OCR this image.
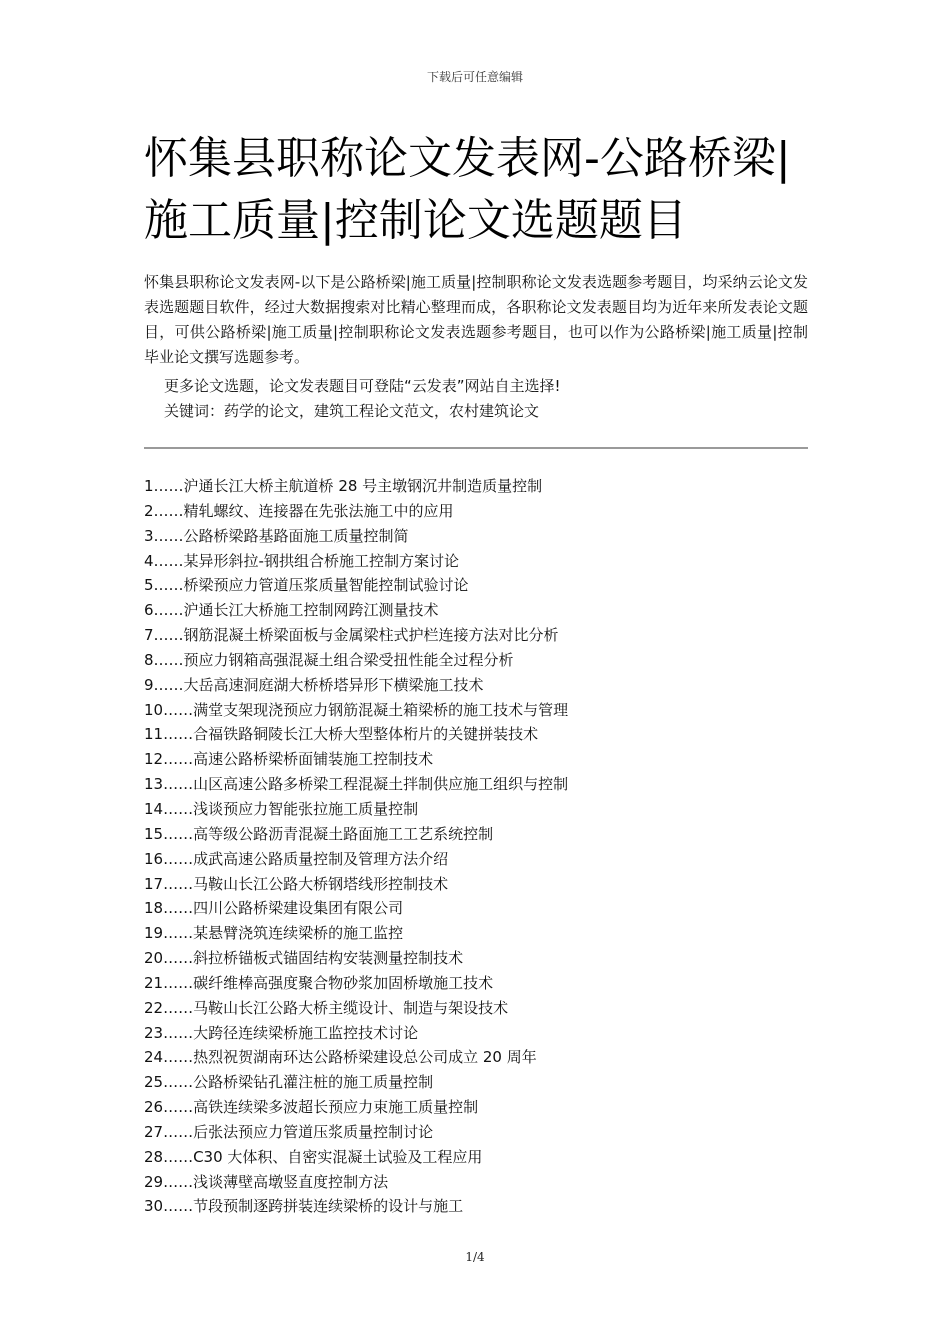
下载后可任意编辑
怀集县职称论文发表网-公路桥梁|施工质量|控制论文选题题目

怀集县职称论文发表网-以下是公路桥梁|施工质量|控制职称论文发表选题参考题目，均采纳云论文发表选题题目软件，经过大数据搜索对比精心整理而成，各职称论文发表题目均为近年来所发表论文题目，可供公路桥梁|施工质量|控制职称论文发表选题参考题目，也可以作为公路桥梁|施工质量|控制毕业论文撰写选题参考。

更多论文选题，论文发表题目可登陆“云发表”网站自主选择!

关键词：药学的论文，建筑工程论文范文，农村建筑论文

1……沪通长江大桥主航道桥 28 号主墩钢沉井制造质量控制
2……精轧螺纹、连接器在先张法施工中的应用
3……公路桥梁路基路面施工质量控制简
4……某异形斜拉-钢拱组合桥施工控制方案讨论
5……桥梁预应力管道压浆质量智能控制试验讨论
6……沪通长江大桥施工控制网跨江测量技术
7……钢筋混凝土桥梁面板与金属梁柱式护栏连接方法对比分析
8……预应力钢箱高强混凝土组合梁受扭性能全过程分析
9……大岳高速洞庭湖大桥桥塔异形下横梁施工技术
10……满堂支架现浇预应力钢筋混凝土箱梁桥的施工技术与管理
11……合福铁路铜陵长江大桥大型整体桁片的关键拼装技术
12……高速公路桥梁桥面铺装施工控制技术
13……山区高速公路多桥梁工程混凝土拌制供应施工组织与控制
14……浅谈预应力智能张拉施工质量控制
15……高等级公路沥青混凝土路面施工工艺系统控制
16……成武高速公路质量控制及管理方法介绍
17……马鞍山长江公路大桥钢塔线形控制技术
18……四川公路桥梁建设集团有限公司
19……某悬臂浇筑连续梁桥的施工监控
20……斜拉桥锚板式锚固结构安装测量控制技术
21……碳纤维棒高强度聚合物砂浆加固桥墩施工技术
22……马鞍山长江公路大桥主缆设计、制造与架设技术
23……大跨径连续梁桥施工监控技术讨论
24……热烈祝贺湖南环达公路桥梁建设总公司成立 20 周年
25……公路桥梁钻孔灌注桩的施工质量控制
26……高铁连续梁多波超长预应力束施工质量控制
27……后张法预应力管道压浆质量控制讨论
28……C30 大体积、自密实混凝土试验及工程应用
29……浅谈薄壁高墩竖直度控制方法
30……节段预制逐跨拼装连续梁桥的设计与施工
1/4
